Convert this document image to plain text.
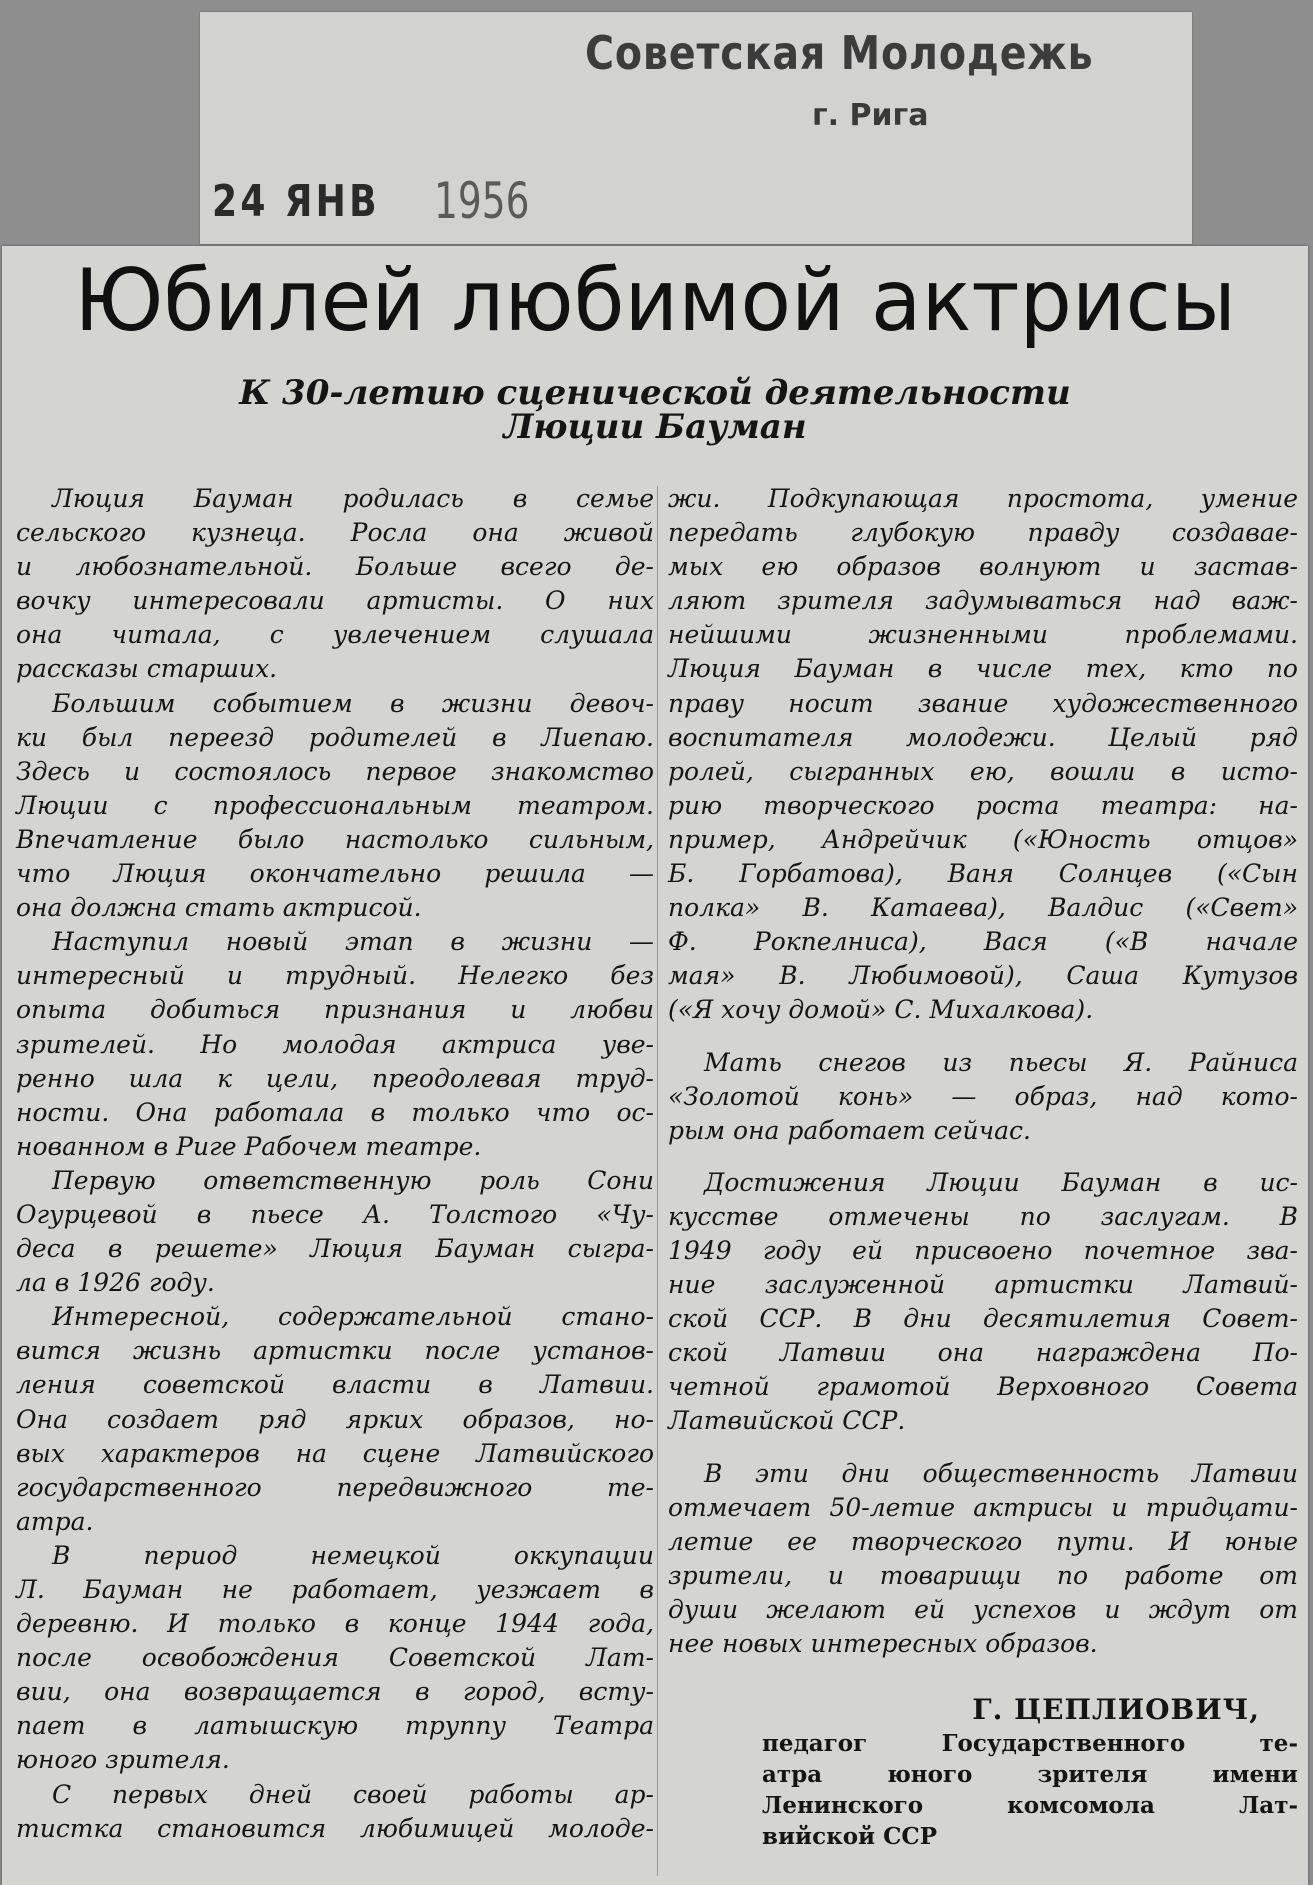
Советская Молодежь
г. Рига
24 ЯНВ	1956
Юбилей любимой актрисы
К 30-летию сценической деятельности
Люции Бауман
Люция Бауман родилась в семье
сельского кузнеца. Росла она живой
и любознательной. Больше всего де-
вочку интересовали артисты. О них
она читала, с увлечением слушала
рассказы старших.
Большим событием в жизни девоч-
ки был переезд родителей в Лиепаю.
Здесь и состоялось первое знакомство
Люции с профессиональным театром.
Впечатление было настолько сильным,
что Люция окончательно решила —
она должна стать актрисой.
Наступил новый этап в жизни —
интересный и трудный. Нелегко без
опыта добиться признания и любви
зрителей. Но молодая актриса уве-
ренно шла к цели, преодолевая труд-
ности. Она работала в только что ос-
нованном в Риге Рабочем театре.
Первую ответственную роль Сони
Огурцевой в пьесе А. Толстого «Чу-
деса в решете» Люция Бауман сыгра-
ла в 1926 году.
Интересной, содержательной стано-
вится жизнь артистки после установ-
ления советской власти в Латвии.
Она создает ряд ярких образов, но-
вых характеров на сцене Латвийского
государственного передвижного те-
атра.
В период немецкой оккупации
Л. Бауман не работает, уезжает в
деревню. И только в конце 1944 года,
после освобождения Советской Лат-
вии, она возвращается в город, всту-
пает в латышскую труппу Театра
юного зрителя.
С первых дней своей работы ар-
тистка становится любимицей молоде-
жи. Подкупающая простота, умение
передать глубокую правду создавае-
мых ею образов волнуют и застав-
ляют зрителя задумываться над важ-
нейшими жизненными проблемами.
Люция Бауман в числе тех, кто по
праву носит звание художественного
воспитателя молодежи. Целый ряд
ролей, сыгранных ею, вошли в исто-
рию творческого роста театра: на-
пример, Андрейчик («Юность отцов»
Б. Горбатова), Ваня Солнцев («Сын
полка» В. Катаева), Валдис («Свет»
Ф. Рокпелниса), Вася («В начале
мая» В. Любимовой), Саша Кутузов
(«Я хочу домой» С. Михалкова).
Мать снегов из пьесы Я. Райниса
«Золотой конь» — образ, над кото-
рым она работает сейчас.
Достижения Люции Бауман в ис-
кусстве отмечены по заслугам. В
1949 году ей присвоено почетное зва-
ние заслуженной артистки Латвий-
ской ССР. В дни десятилетия Совет-
ской Латвии она награждена По-
четной грамотой Верховного Совета
Латвийской ССР.
В эти дни общественность Латвии
отмечает 50-летие актрисы и тридцати-
летие ее творческого пути. И юные
зрители, и товарищи по работе от
души желают ей успехов и ждут от
нее новых интересных образов.
Г. ЦЕПЛИОВИЧ,
педагог Государственного те-
атра юного зрителя имени
Ленинского комсомола Лат-
вийской ССР
